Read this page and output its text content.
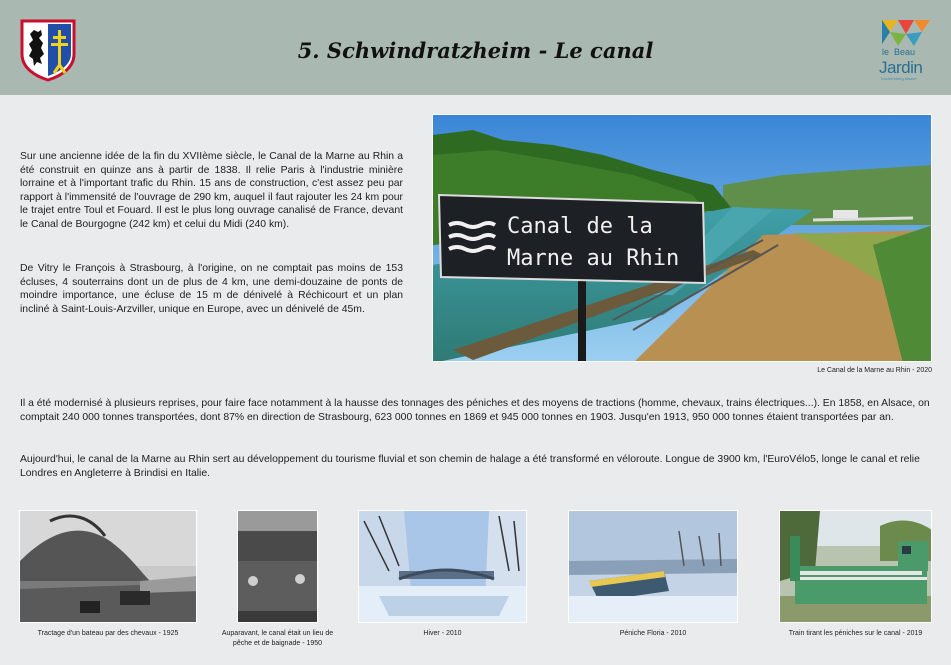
5. Schwindratzheim - Le canal	le Beau
Jardin
Kochersberg Alsace

Sur une ancienne idée de la fin du XVIIème siècle, le Canal de la Marne au Rhin a été construit en quinze ans à partir de 1838. Il relie Paris à l'industrie minière lorraine et à l'important trafic du Rhin. 15 ans de construction, c'est assez peu par rapport à l'immensité de l'ouvrage de 290 km, auquel il faut rajouter les 24 km pour le trajet entre Toul et Fouard. Il est le plus long ouvrage canalisé de France, devant le Canal de Bourgogne (242 km) et celui du Midi (240 km).

De Vitry le François à Strasbourg, à l'origine, on ne comptait pas moins de 153 écluses, 4 souterrains dont un de plus de 4 km, une demi-douzaine de ponts de moindre importance, une écluse de 15 m de dénivelé à Réchicourt et un plan incliné à Saint-Louis-Arzviller, unique en Europe, avec un dénivelé de 45m.

Il a été modernisé à plusieurs reprises, pour faire face notamment à la hausse des tonnages des péniches et des moyens de tractions (homme, chevaux, trains électriques...). En 1858, en Alsace, on comptait 240 000 tonnes transportées, dont 87% en direction de Strasbourg, 623 000 tonnes en 1869 et 945 000 tonnes en 1903. Jusqu'en 1913, 950 000 tonnes étaient transportées par an.

Aujourd'hui, le canal de la Marne au Rhin sert au développement du tourisme fluvial et son chemin de halage a été transformé en véloroute. Longue de 3900 km, l'EuroVélo5, longe le canal et relie Londres en Angleterre à Brindisi en Italie.

Canal de la
Marne au Rhin
Le Canal de la Marne au Rhin - 2020
Tractage d'un bateau par des chevaux - 1925	Auparavant, le canal était un lieu de
pêche et de baignade - 1950
Hiver - 2010	Péniche Floria - 2010	Train tirant les péniches sur le canal - 2019
